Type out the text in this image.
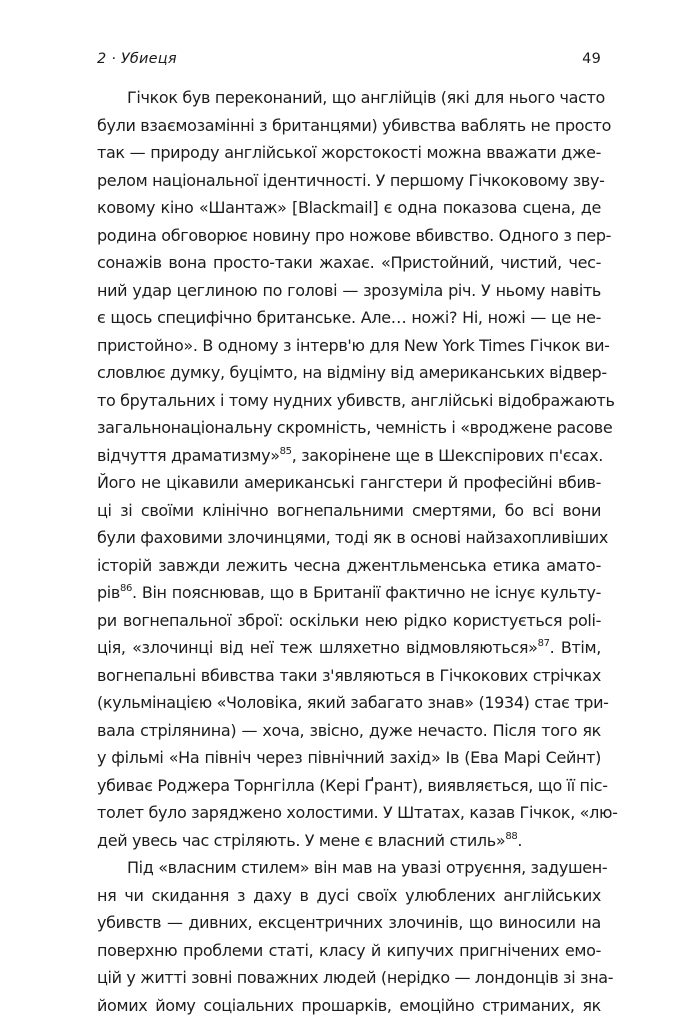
2 · Убиеця	49
Гічкок був переконаний, що англійців (які для нього часто
були взаємозамінні з британцями) убивства ваблять не просто
так — природу англійської жорстокості можна вважати дже-
релом національної ідентичності. У першому Гічкоковому зву-
ковому кіно «Шантаж» [Blackmail] є одна показова сцена, де
родина обговорює новину про ножове вбивство. Одного з пер-
сонажів вона просто-таки жахає. «Пристойний, чистий, чес-
ний удар цеглиною по голові — зрозуміла річ. У ньому навіть
є щось специфічно британське. Але… ножі? Ні, ножі — це не-
пристойно». В одному з інтерв'ю для New York Times Гічкок ви-
словлює думку, буцімто, на відміну від американських відвер-
то брутальних і тому нудних убивств, англійські відображають
загальнонаціональну скромність, чемність і «вроджене расове
відчуття драматизму»$^{85}$, закорінене ще в Шекспірових п'єсах.
Його не цікавили американські гангстери й професійні вбив-
ці зі своїми клінічно вогнепальними смертями, бо всі вони
були фаховими злочинцями, тоді як в основі найзахопливіших
історій завжди лежить чесна джентльменська етика аматo-
рів$^{86}$. Він пояснював, що в Британії фактично не існує культу-
ри вогнепальної зброї: оскільки нею рідко користується polі-
ція, «злочинці від неї теж шляхетно відмовляються»$^{87}$. Втім,
вогнепальні вбивства таки з'являються в Гічкокових стрічках
(кульмінацією «Чоловіка, який забагато знав» (1934) стає три-
вала стрілянина) — хоча, звісно, дуже нечасто. Після того як
у фільмі «На північ через північний захід» Ів (Ева Марі Сейнт)
убиває Роджера Торнгілла (Кері Ґрант), виявляється, що її піс-
толет було заряджено холостими. У Штатах, казав Гічкок, «лю-
дей увесь час стріляють. У мене є власний стиль»$^{88}$.
Під «власним стилем» він мав на увазі отруєння, задушен-
ня чи скидання з даху в дусі своїх улюблених англійських
убивств — дивних, ексцентричних злочинів, що виносили на
поверхню проблеми статі, класу й кипучих пригнічених емо-
цій у житті зовні поважних людей (нерідко — лондонців зі зна-
йомих йому соціальних прошарків, емоційно стриманих, як
